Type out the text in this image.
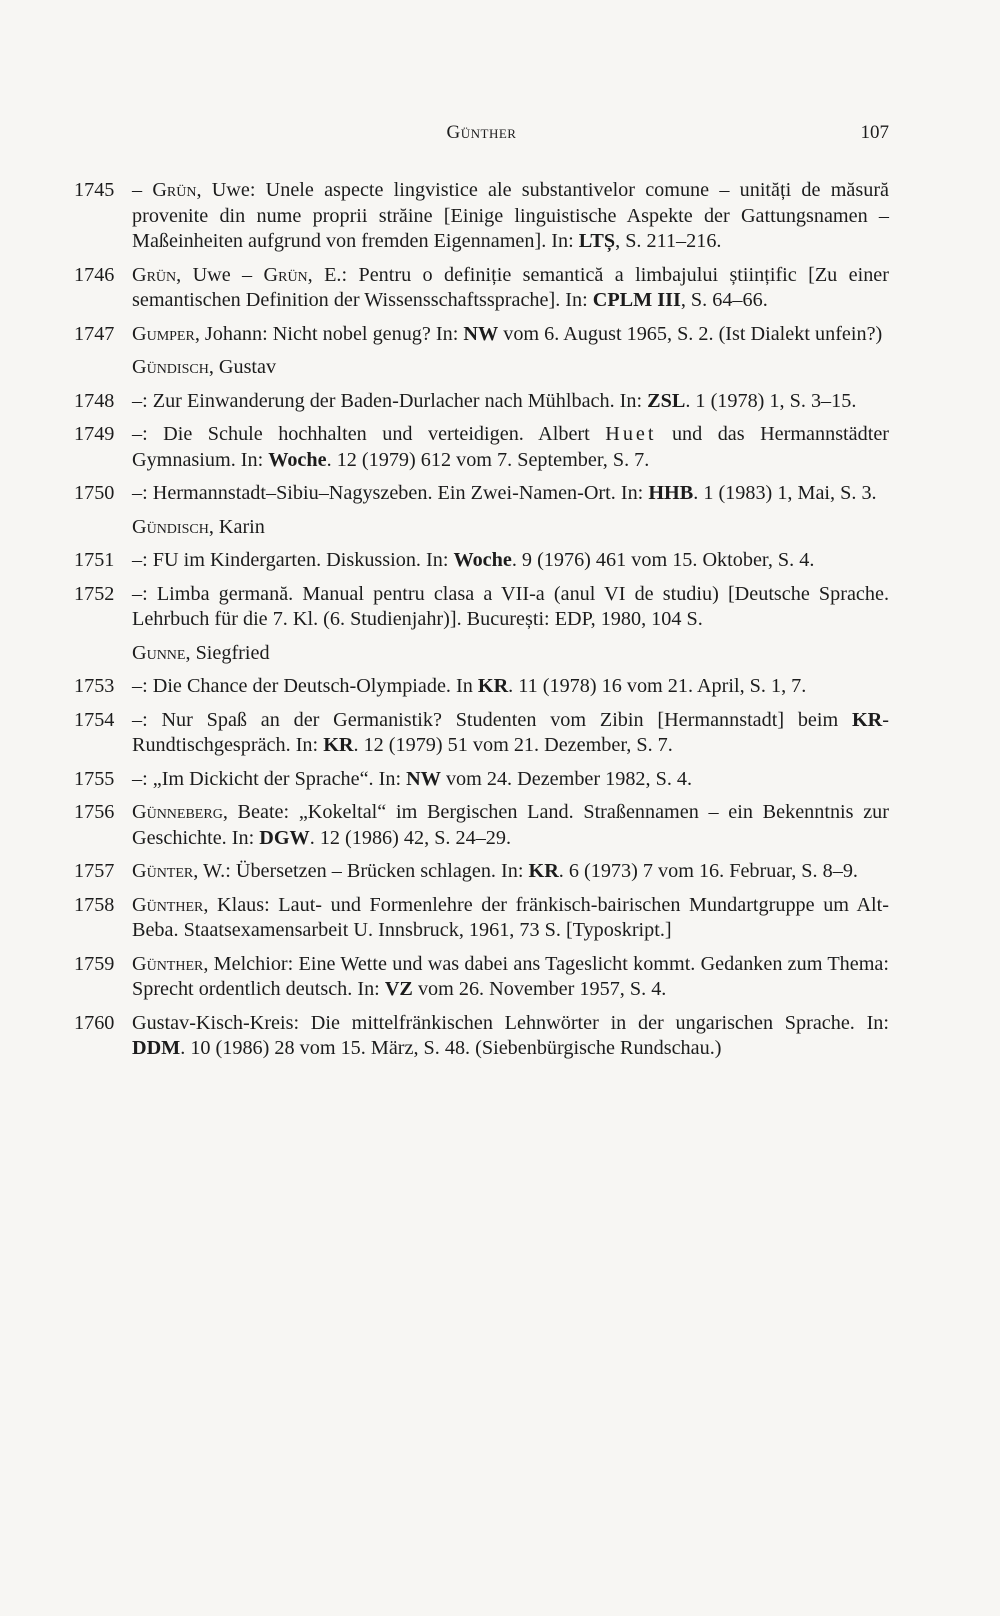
Günther	107
1745 – Grün, Uwe: Unele aspecte lingvistice ale substantivelor comune – unități de măsură provenite din nume proprii străine [Einige linguistische Aspekte der Gattungsnamen – Maßeinheiten aufgrund von fremden Eigennamen]. In: LTȘ, S. 211–216.
1746 Grün, Uwe – Grün, E.: Pentru o definiție semantică a limbajului științific [Zu einer semantischen Definition der Wissensschaftssprache]. In: CPLM III, S. 64–66.
1747 Gumper, Johann: Nicht nobel genug? In: NW vom 6. August 1965, S. 2. (Ist Dialekt unfein?)
Gündisch, Gustav
1748 –: Zur Einwanderung der Baden-Durlacher nach Mühlbach. In: ZSL. 1 (1978) 1, S. 3–15.
1749 –: Die Schule hochhalten und verteidigen. Albert Huet und das Hermannstädter Gymnasium. In: Woche. 12 (1979) 612 vom 7. September, S. 7.
1750 –: Hermannstadt–Sibiu–Nagyszeben. Ein Zwei-Namen-Ort. In: HHB. 1 (1983) 1, Mai, S. 3.
Gündisch, Karin
1751 –: FU im Kindergarten. Diskussion. In: Woche. 9 (1976) 461 vom 15. Oktober, S. 4.
1752 –: Limba germană. Manual pentru clasa a VII-a (anul VI de studiu) [Deutsche Sprache. Lehrbuch für die 7. Kl. (6. Studienjahr)]. București: EDP, 1980, 104 S.
Gunne, Siegfried
1753 –: Die Chance der Deutsch-Olympiade. In KR. 11 (1978) 16 vom 21. April, S. 1, 7.
1754 –: Nur Spaß an der Germanistik? Studenten vom Zibin [Hermannstadt] beim KR-Rundtischgespräch. In: KR. 12 (1979) 51 vom 21. Dezember, S. 7.
1755 –: „Im Dickicht der Sprache“. In: NW vom 24. Dezember 1982, S. 4.
1756 Günneberg, Beate: „Kokeltal“ im Bergischen Land. Straßennamen – ein Bekenntnis zur Geschichte. In: DGW. 12 (1986) 42, S. 24–29.
1757 Günter, W.: Übersetzen – Brücken schlagen. In: KR. 6 (1973) 7 vom 16. Februar, S. 8–9.
1758 Günther, Klaus: Laut- und Formenlehre der fränkisch-bairischen Mundartgruppe um Alt-Beba. Staatsexamensarbeit U. Innsbruck, 1961, 73 S. [Typoskript.]
1759 Günther, Melchior: Eine Wette und was dabei ans Tageslicht kommt. Gedanken zum Thema: Sprecht ordentlich deutsch. In: VZ vom 26. November 1957, S. 4.
1760 Gustav-Kisch-Kreis: Die mittelfränkischen Lehnwörter in der ungarischen Sprache. In: DDM. 10 (1986) 28 vom 15. März, S. 48. (Siebenbürgische Rundschau.)
